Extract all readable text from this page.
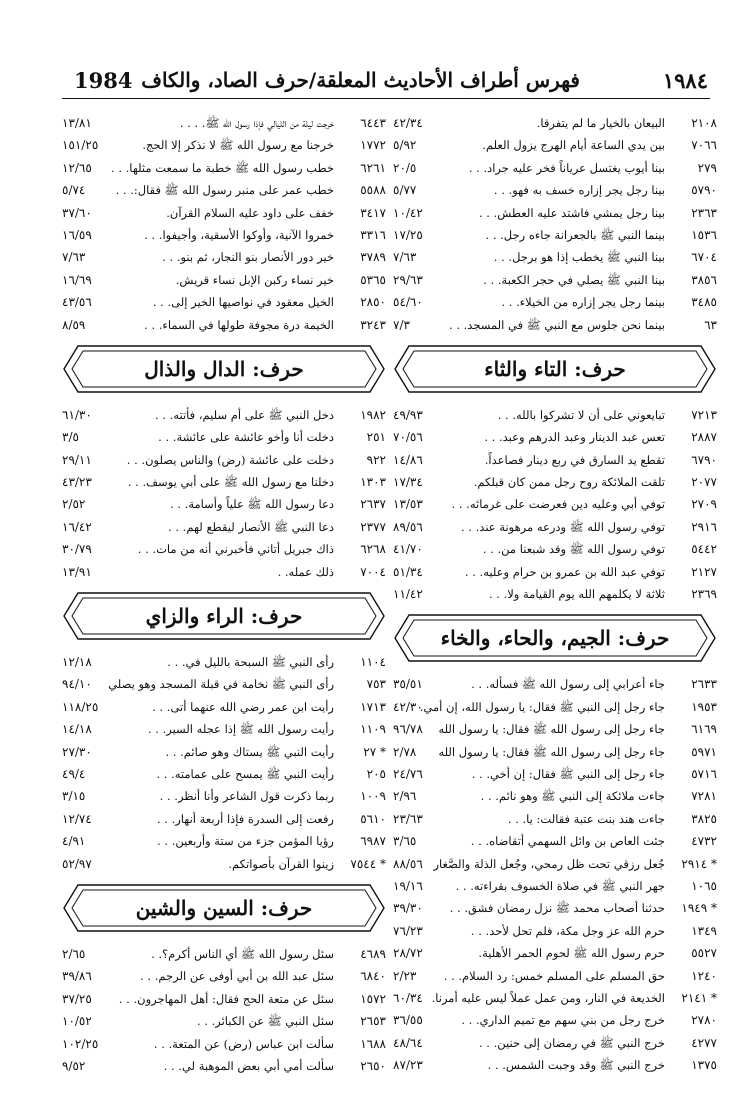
1984 فهرس أطراف الأحاديث المعلقة/حرف الصاد، والكاف	١٩٨٤
٢١٠٨
البيعان بالخيار ما لم يتفرقا.
٤٢/٣٤
٧٠٦٦
بين يدي الساعة أيام الهرج يزول العلم.
٥/٩٢
٢٧٩
بينا أيوب يغتسل عرياناً فخر عليه جراد. . .
٢٠/٥
٥٧٩٠
بينا رجل يجر إزاره خسف به فهو. . .
٥/٧٧
٢٣٦٣
بينا رجل يمشي فاشتد عليه العطش. . .
١٠/٤٢
١٥٣٦
بينما النبي ﷺ بالجعرانة جاءه رجل. . .
١٧/٢٥
٦٧٠٤
بينا النبي ﷺ يخطب إذا هو برجل. . .
٧/٦٣
٣٨٥٦
بينا النبي ﷺ يصلي في حجر الكعبة. . .
٢٩/٦٣
٣٤٨٥
بينما رجل يجر إزاره من الخيلاء. . .
٥٤/٦٠
٦٣
بينما نحن جلوس مع النبي ﷺ في المسجد. . .
٧/٣
حرف: التاء والثاء
٧٢١٣
تبايعوني على أن لا تشركوا بالله. . .
٤٩/٩٣
٢٨٨٧
تعس عبد الدينار وعبد الدرهم وعبد. . .
٧٠/٥٦
٦٧٩٠
تقطع يد السارق في ربع دينار فصاعداً.
١٤/٨٦
٢٠٧٧
تلقت الملائكة روح رجل ممن كان قبلكم.
١٧/٣٤
٢٧٠٩
توفي أبي وعليه دين فعرضت على غرمائه. . .
١٣/٥٣
٢٩١٦
توفي رسول الله ﷺ ودرعه مرهونة عند. . .
٨٩/٥٦
٥٤٤٢
توفي رسول الله ﷺ وقد شبعنا من. . .
٤١/٧٠
٢١٢٧
توفي عبد الله بن عمرو بن حرام وعليه. . .
٥١/٣٤
٢٣٦٩
ثلاثة لا يكلمهم الله يوم القيامة ولا. . .
١١/٤٢
حرف: الجيم، والحاء، والخاء
٢٦٣٣
جاء أعرابي إلى رسول الله ﷺ فسأله. . .
٣٥/٥١
١٩٥٣
جاء رجل إلى النبي ﷺ فقال: يا رسول الله، إن أمي.
٤٢/٣٠
٦١٦٩
جاء رجل إلى رسول الله ﷺ فقال: يا رسول الله
٩٦/٧٨
٥٩٧١
جاء رجل إلى رسول الله ﷺ فقال: يا رسول الله
٢/٧٨
٥٧١٦
جاء رجل إلى النبي ﷺ فقال: إن أخي. . .
٢٤/٧٦
٧٢٨١
جاءت ملائكة إلى النبي ﷺ وهو نائم. . .
٢/٩٦
٣٨٢٥
جاءت هند بنت عتبة فقالت: يا. . .
٢٣/٦٣
٤٧٣٢
جئت العاص بن وائل السهمي أتقاضاه. . .
٣/٦٥
* ٢٩١٤
جُعل رزقي تحت ظل رمحي، وجُعل الذلة والصَّغار
٨٨/٥٦
١٠٦٥
جهر النبي ﷺ في صلاة الخسوف بقراءته. . .
١٩/١٦
* ١٩٤٩
حدثنا أصحاب محمد ﷺ نزل رمضان فشق. . .
٣٩/٣٠
١٣٤٩
حرم الله عز وجل مكة، فلم تحل لأحد. . .
٧٦/٢٣
٥٥٢٧
حرم رسول الله ﷺ لحوم الحمر الأهلية.
٢٨/٧٢
١٢٤٠
حق المسلم على المسلم خمس: رد السلام. . .
٢/٢٣
* ٢١٤١
الخديعة في النار، ومن عمل عملاً ليس عليه أمرنا.
٦٠/٣٤
٢٧٨٠
خرج رجل من بني سهم مع تميم الداري. . .
٣٦/٥٥
٤٢٧٧
خرج النبي ﷺ في رمضان إلى حنين. . .
٤٨/٦٤
١٣٧٥
خرج النبي ﷺ وقد وجبت الشمس. . .
٨٧/٢٣
٦٤٤٣
خرجت ليلة من الليالي فإذا رسول الله ﷺ. . . .
١٣/٨١
١٧٧٢
خرجنا مع رسول الله ﷺ لا نذكر إلا الحج.
١٥١/٢٥
٦٢٦١
خطب رسول الله ﷺ خطبة ما سمعت مثلها. . .
١٢/٦٥
٥٥٨٨
خطب عمر على منبر رسول الله ﷺ فقال:. . .
٥/٧٤
٣٤١٧
خفف على داود عليه السلام القرآن.
٣٧/٦٠
٣٣١٦
خمروا الآنية، وأوكوا الأسقية، وأجيفوا. . .
١٦/٥٩
٣٧٨٩
خير دور الأنصار بنو النجار، ثم بنو. . .
٧/٦٣
٥٣٦٥
خير نساء ركبن الإبل نساء قريش.
١٦/٦٩
٢٨٥٠
الخيل معقود في نواصيها الخير إلى. . .
٤٣/٥٦
٣٢٤٣
الخيمة درة مجوفة طولها في السماء. . .
٨/٥٩
حرف: الدال والذال
١٩٨٢
دخل النبي ﷺ على أم سليم، فأتته. . .
٦١/٣٠
٢٥١
دخلت أنا وأخو عائشة على عائشة. . .
٣/٥
٩٢٢
دخلت على عائشة (رض) والناس يصلون. . .
٢٩/١١
١٣٠٣
دخلنا مع رسول الله ﷺ على أبي يوسف. . .
٤٣/٢٣
٢٦٣٧
دعا رسول الله ﷺ علياً وأسامة. . .
٢/٥٢
٢٣٧٧
دعا النبي ﷺ الأنصار ليقطع لهم. . .
١٦/٤٢
٦٢٦٨
ذاك جبريل أتاني فأخبرني أنه من مات. . .
٣٠/٧٩
٧٠٠٤
ذلك عمله. .
١٣/٩١
حرف: الراء والزاي
١١٠٤
رأى النبي ﷺ السبحة بالليل في. . .
١٢/١٨
٧٥٣
رأى النبي ﷺ نخامة في قبلة المسجد وهو يصلي
٩٤/١٠
١٧١٣
رأيت ابن عمر رضي الله عنهما أتى. . .
١١٨/٢٥
١١٠٩
رأيت رسول الله ﷺ إذا عجله السير. . .
١٤/١٨
* ٢٧
رأيت النبي ﷺ يستاك وهو صائم. . .
٢٧/٣٠
٢٠٥
رأيت النبي ﷺ يمسح على عمامته. . .
٤٩/٤
١٠٠٩
ربما ذكرت قول الشاعر وأنا أنظر. . .
٣/١٥
٥٦١٠
رفعت إلى السدرة فإذا أربعة أنهار. . .
١٢/٧٤
٦٩٨٧
رؤيا المؤمن جزء من ستة وأربعين. . .
٤/٩١
* ٧٥٤٤
زينوا القرآن بأصواتكم.
٥٢/٩٧
حرف: السين والشين
٤٦٨٩
سئل رسول الله ﷺ أي الناس أكرم؟. .
٢/٦٥
٦٨٤٠
سئل عبد الله بن أبي أوفى عن الرجم. . .
٣٩/٨٦
١٥٧٢
سئل عن متعة الحج فقال: أهل المهاجرون. . .
٣٧/٢٥
٢٦٥٣
سئل النبي ﷺ عن الكبائر. . .
١٠/٥٢
١٦٨٨
سألت ابن عباس (رض) عن المتعة. . .
١٠٢/٢٥
٢٦٥٠
سألت أمي أبي بعض الموهبة لي. . .
٩/٥٢
